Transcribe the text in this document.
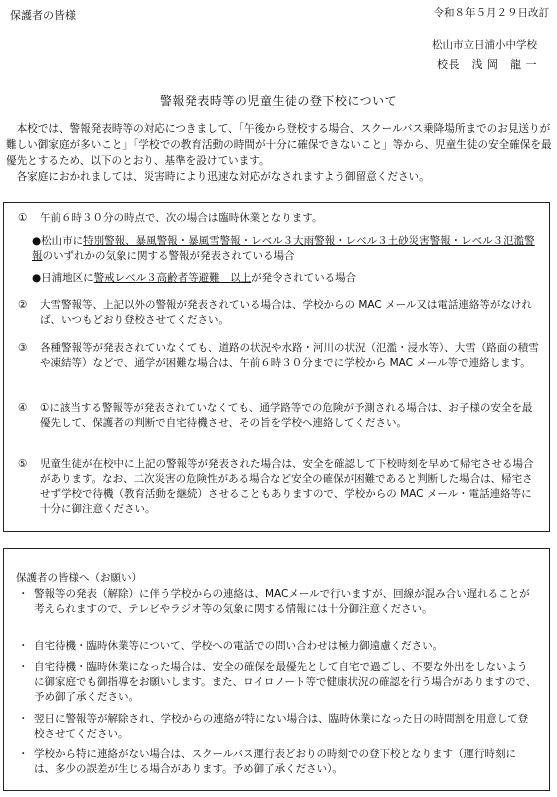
保護者の皆様	令和８年５月２９日改訂
松山市立日浦小中学校
校長　浅 岡　龍 一
警報発表時等の児童生徒の登下校について

本校では、警報発表時等の対応につきまして、「午後から登校する場合、スクールバス乗降場所までのお見送りが難しい御家庭が多いこと」「学校での教育活動の時間が十分に確保できないこと」等から、児童生徒の安全確保を最優先とするため、以下のとおり、基準を設けています。

各家庭におかれましては、災害時により迅速な対応がなされますよう御留意ください。

① 午前６時３０分の時点で、次の場合は臨時休業となります。
●松山市に特別警報、暴風警報・暴風雪警報・レベル３大雨警報・レベル３土砂災害警報・レベル３氾濫警報のいずれかの気象に関する警報が発表されている場合
●日浦地区に警戒レベル３高齢者等避難　以上が発令されている場合
② 大雪警報等、上記以外の警報が発表されている場合は、学校からの MAC メール又は電話連絡等がなければ、いつもどおり登校させてください。
③ 各種警報等が発表されていなくても、道路の状況や水路・河川の状況（氾濫・浸水等）、大雪（路面の積雪や凍結等）などで、通学が困難な場合は、午前６時３０分までに学校から MAC メール等で連絡します。
④ ①に該当する警報等が発表されていなくても、通学路等での危険が予測される場合は、お子様の安全を最優先して、保護者の判断で自宅待機させ、その旨を学校へ連絡してください。
⑤ 児童生徒が在校中に上記の警報等が発表された場合は、安全を確認して下校時刻を早めて帰宅させる場合があります。なお、二次災害の危険性がある場合など安全の確保が困難であると判断した場合は、帰宅させず学校で待機（教育活動を継続）させることもありますので、学校からの MAC メール・電話連絡等に十分に御注意ください。
保護者の皆様へ（お願い）
・ 警報等の発表（解除）に伴う学校からの連絡は、MACメールで行いますが、回線が混み合い遅れることが考えられますので、テレビやラジオ等の気象に関する情報には十分御注意ください。
・ 自宅待機・臨時休業等について、学校への電話での問い合わせは極力御遠慮ください。
・ 自宅待機・臨時休業になった場合は、安全の確保を最優先として自宅で過ごし、不要な外出をしないように御家庭でも御指導をお願いします。また、ロイロノート等で健康状況の確認を行う場合がありますので、予め御了承ください。
・ 翌日に警報等が解除され、学校からの連絡が特にない場合は、臨時休業になった日の時間割を用意して登校させてください。
・ 学校から特に連絡がない場合は、スクールバス運行表どおりの時刻での登下校となります（運行時刻には、多少の誤差が生じる場合があります。予め御了承ください）。
